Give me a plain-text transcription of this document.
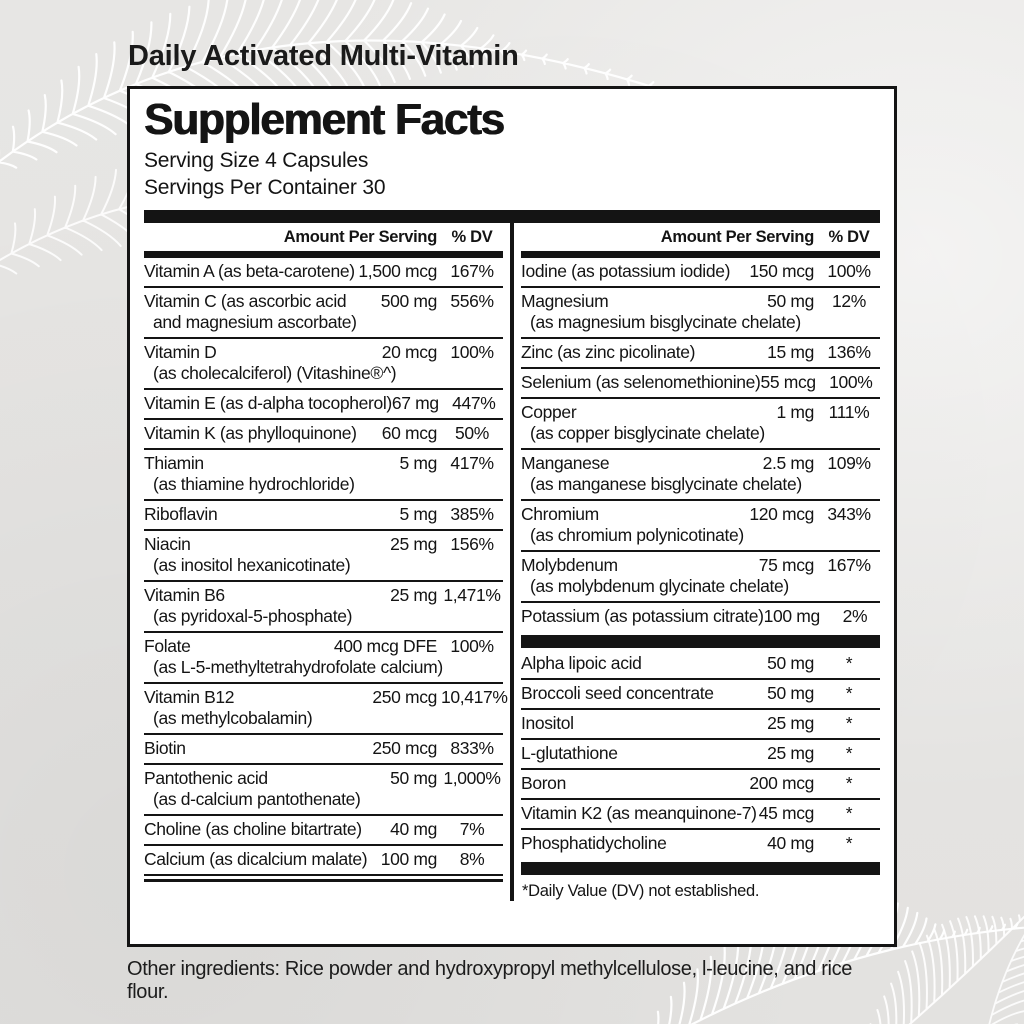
Daily Activated Multi-Vitamin
Supplement Facts
Serving Size 4 Capsules
Servings Per Container 30
Amount Per Serving % DV
Vitamin A (as beta-carotene) 1,500 mcg 167%
Vitamin C (as ascorbic acid	500 mg 556%
and magnesium ascorbate)
Vitamin D	20 mcg 100%
(as cholecalciferol) (Vitashine®^)
Vitamin E (as d-alpha tocopherol) 67 mg 447%
Vitamin K (as phylloquinone)	60 mcg	50%
Thiamin	5 mg 417%
(as thiamine hydrochloride)
Riboflavin	5 mg 385%
Niacin	25 mg 156%
(as inositol hexanicotinate)
Vitamin B6	25 mg 1,471%
(as pyridoxal-5-phosphate)
Folate	400 mcg DFE 100%
(as L-5-methyltetrahydrofolate calcium)
Vitamin B12	250 mcg 10,417%
(as methylcobalamin)
Biotin	250 mcg 833%
Pantothenic acid	50 mg 1,000%
(as d-calcium pantothenate)
Choline (as choline bitartrate)	40 mg	7%
Calcium (as dicalcium malate) 100 mg	8%
Amount Per Serving % DV
Iodine (as potassium iodide)	150 mcg 100%
Magnesium	50 mg	12%
(as magnesium bisglycinate chelate)
Zinc (as zinc picolinate)	15 mg 136%
Selenium (as selenomethionine) 55 mcg 100%
Copper	1 mg 111%
(as copper bisglycinate chelate)
Manganese	2.5 mg 109%
(as manganese bisglycinate chelate)
Chromium	120 mcg 343%
(as chromium polynicotinate)
Molybdenum	75 mcg 167%
(as molybdenum glycinate chelate)
Potassium (as potassium citrate) 100 mg	2%
Alpha lipoic acid	50 mg	*
Broccoli seed concentrate	50 mg	*
Inositol	25 mg	*
L-glutathione	25 mg	*
Boron	200 mcg	*
Vitamin K2 (as meanquinone-7) 45 mcg	*
Phosphatidycholine	40 mg	*
*Daily Value (DV) not established.
Other ingredients: Rice powder and hydroxypropyl methylcellulose, l-leucine, and rice flour.
